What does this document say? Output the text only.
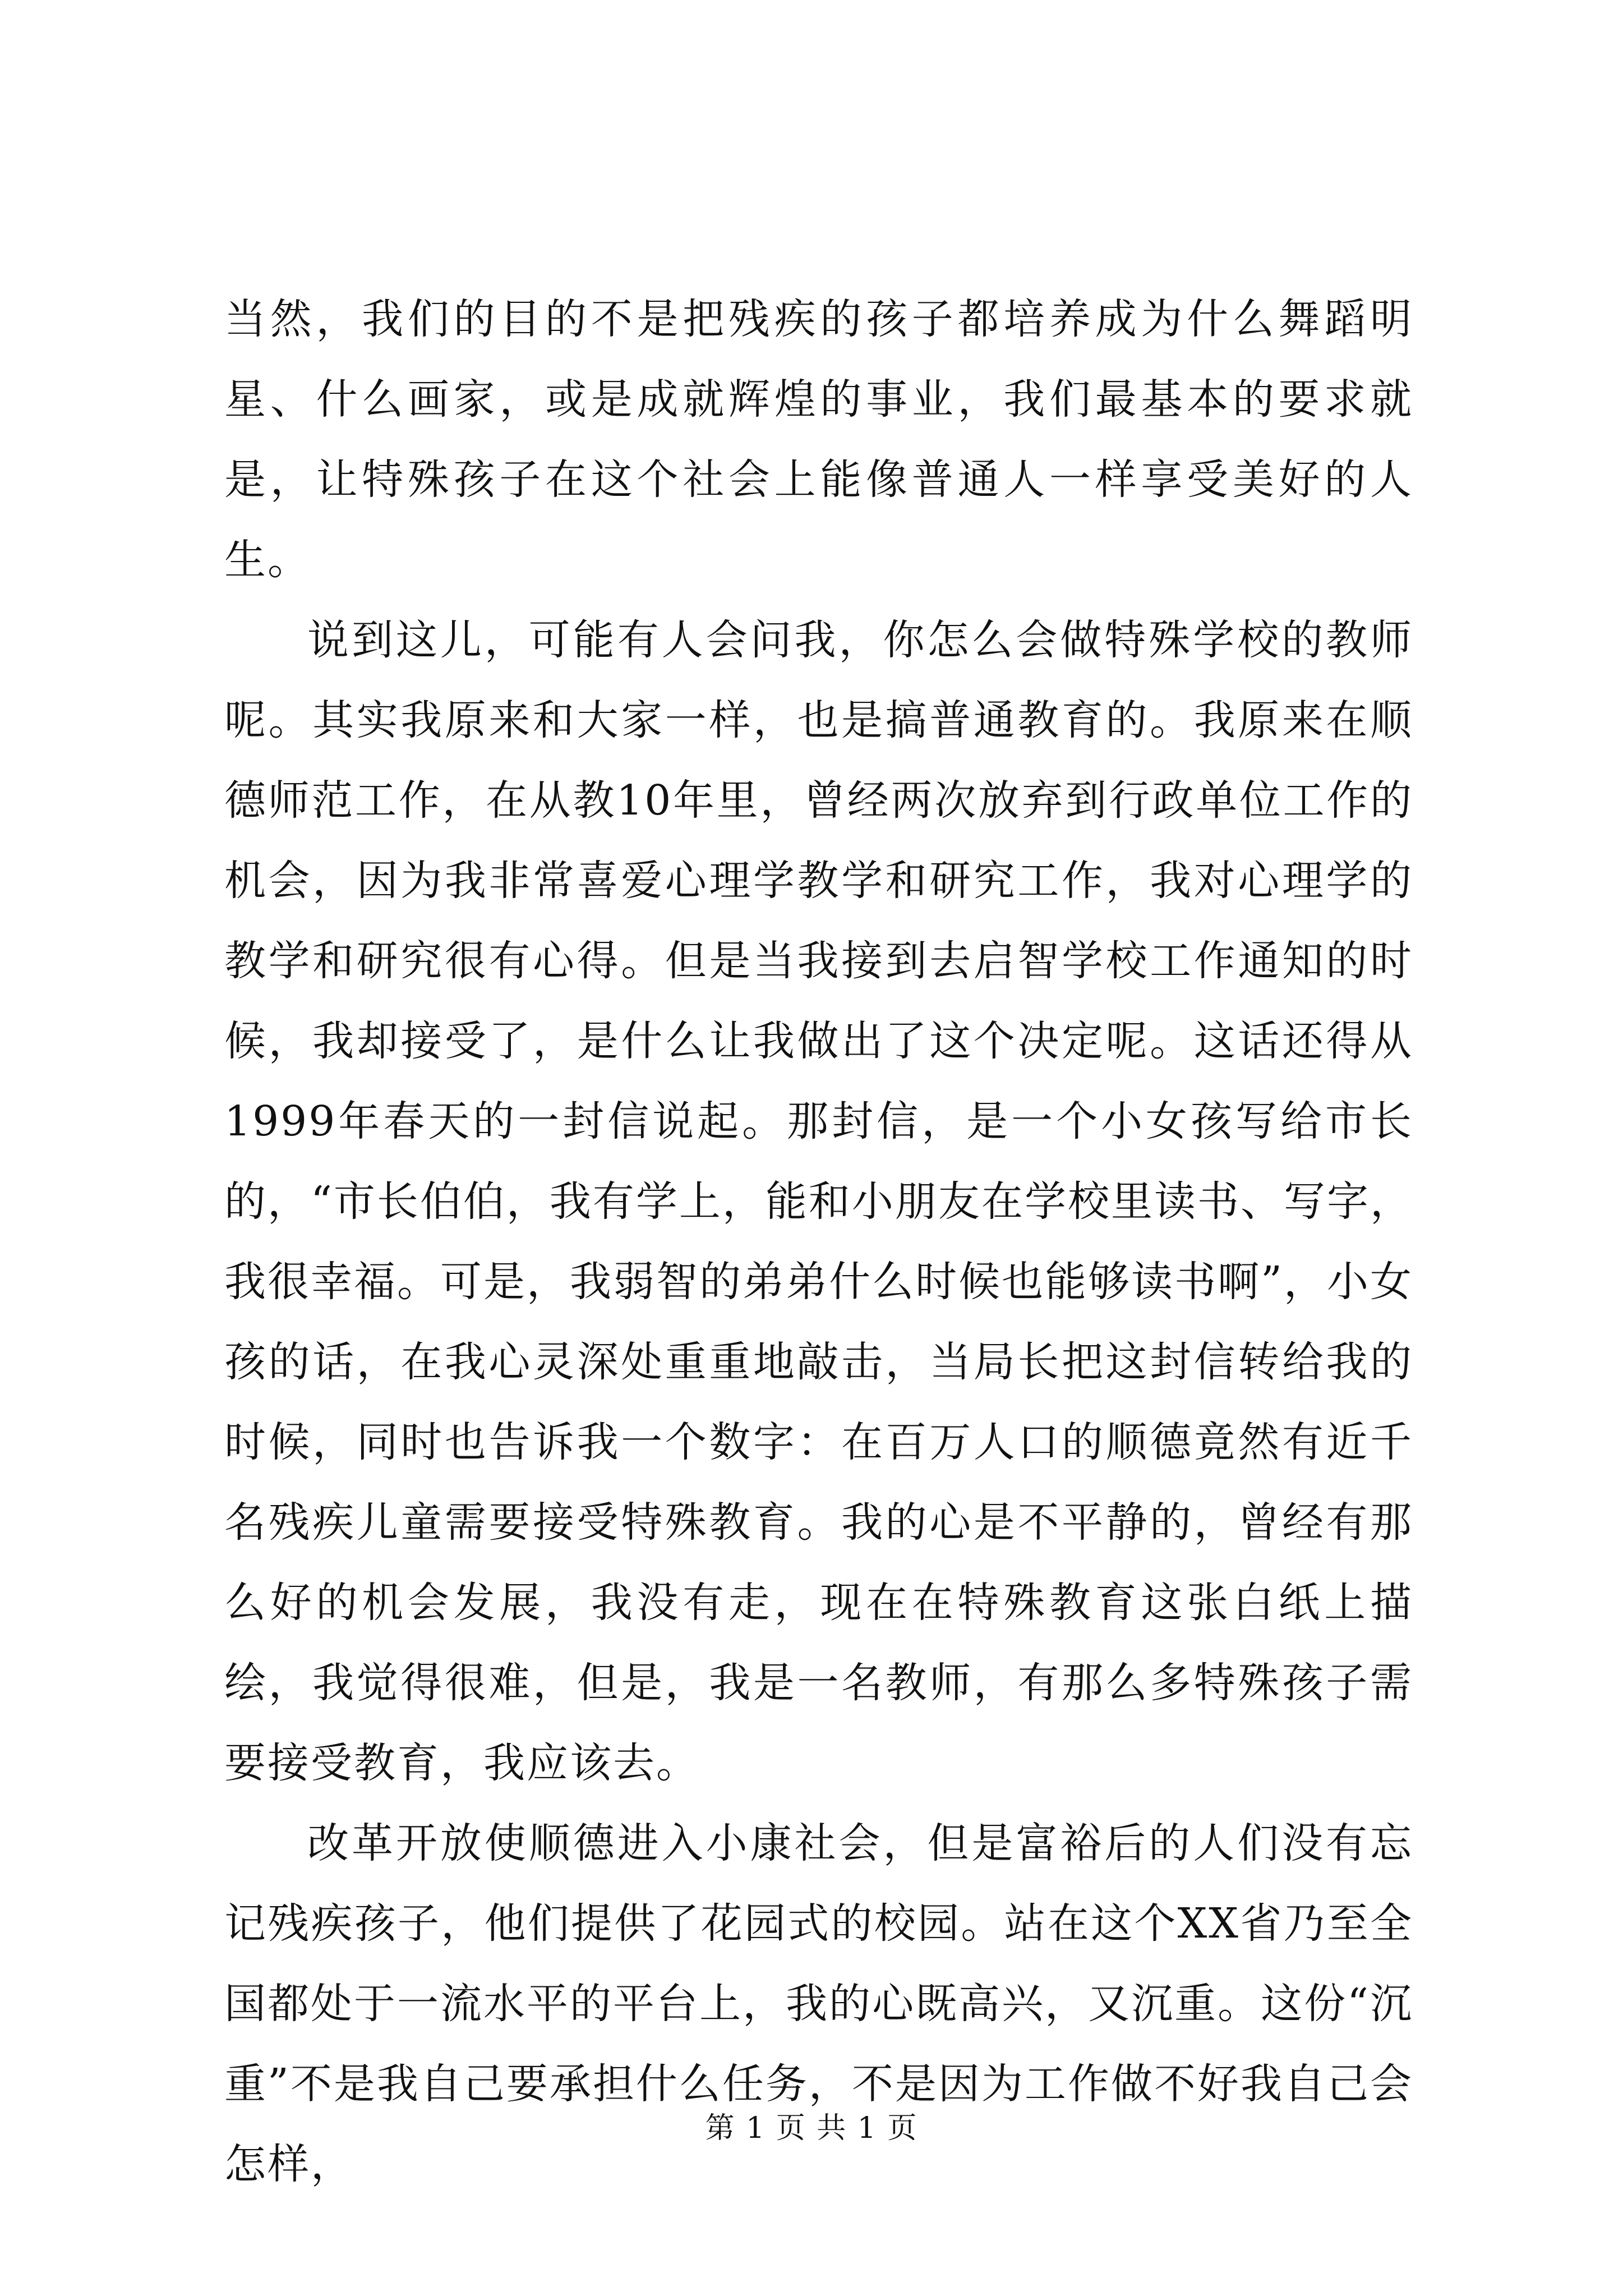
当然，我们的目的不是把残疾的孩子都培养成为什么舞蹈明星、什么画家，或是成就辉煌的事业，我们最基本的要求就是，让特殊孩子在这个社会上能像普通人一样享受美好的人生。

说到这儿，可能有人会问我，你怎么会做特殊学校的教师呢。其实我原来和大家一样，也是搞普通教育的。我原来在顺德师范工作，在从教10年里，曾经两次放弃到行政单位工作的机会，因为我非常喜爱心理学教学和研究工作，我对心理学的教学和研究很有心得。但是当我接到去启智学校工作通知的时候，我却接受了，是什么让我做出了这个决定呢。这话还得从1999年春天的一封信说起。那封信，是一个小女孩写给市长的，“市长伯伯，我有学上，能和小朋友在学校里读书、写字，我很幸福。可是，我弱智的弟弟什么时候也能够读书啊”，小女孩的话，在我心灵深处重重地敲击，当局长把这封信转给我的时候，同时也告诉我一个数字：在百万人口的顺德竟然有近千名残疾儿童需要接受特殊教育。我的心是不平静的，曾经有那么好的机会发展，我没有走，现在在特殊教育这张白纸上描绘，我觉得很难，但是，我是一名教师，有那么多特殊孩子需要接受教育，我应该去。

改革开放使顺德进入小康社会，但是富裕后的人们没有忘记残疾孩子，他们提供了花园式的校园。站在这个XX省乃至全国都处于一流水平的平台上，我的心既高兴，又沉重。这份“沉重”不是我自己要承担什么任务，不是因为工作做不好我自己会怎样，

第 1 页 共 1 页
